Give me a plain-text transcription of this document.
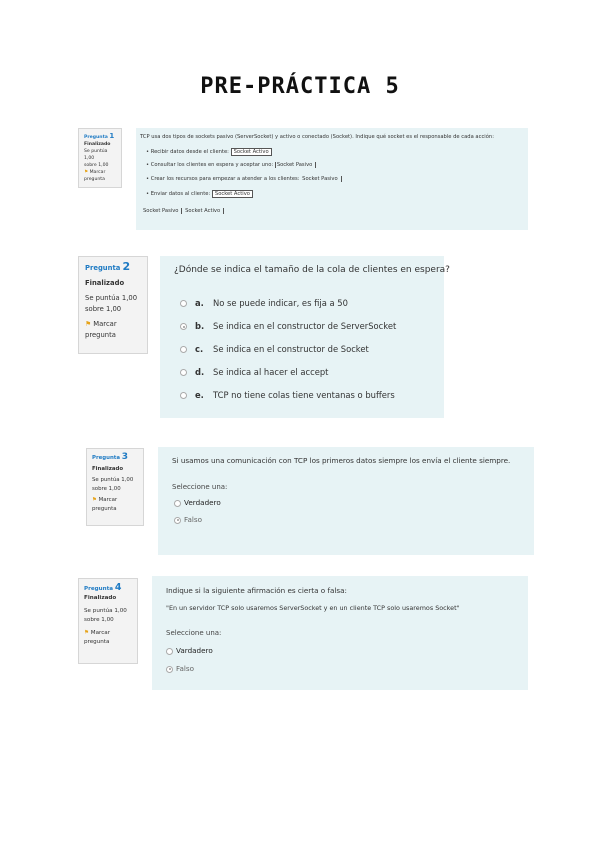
PRE-PRÁCTICA 5
Pregunta 1
Finalizado
Se puntúa 1,00
sobre 1,00
⚑ Marcar
pregunta
TCP usa dos tipos de sockets pasivo (ServerSocket) y activo o conectado (Socket). Indique qué socket es el responsable de cada acción:
• Recibir datos desde el cliente: Socket Activo
• Consultar los clientes en espera y aceptar uno: Socket Pasivo
• Crear los recursos para empezar a atender a los clientes: Socket Pasivo
• Enviar datos al cliente: Socket Activo
Socket Pasivo Socket Activo
Pregunta 2
Finalizado
Se puntúa 1,00
sobre 1,00
⚑ Marcar
pregunta
¿Dónde se indica el tamaño de la cola de clientes en espera?
a. No se puede indicar, es fija a 50
b. Se indica en el constructor de ServerSocket
c. Se indica en el constructor de Socket
d. Se indica al hacer el accept
e. TCP no tiene colas tiene ventanas o buffers
Pregunta 3
Finalizado
Se puntúa 1,00
sobre 1,00
⚑ Marcar
pregunta
Si usamos una comunicación con TCP los primeros datos siempre los envía el cliente siempre.
Seleccione una:
Verdadero
Falso
Pregunta 4
Finalizado
Se puntúa 1,00
sobre 1,00
⚑ Marcar
pregunta
Indique si la siguiente afirmación es cierta o falsa:
"En un servidor TCP solo usaremos ServerSocket y en un cliente TCP solo usaremos Socket"
Seleccione una:
Vardadero
Falso
